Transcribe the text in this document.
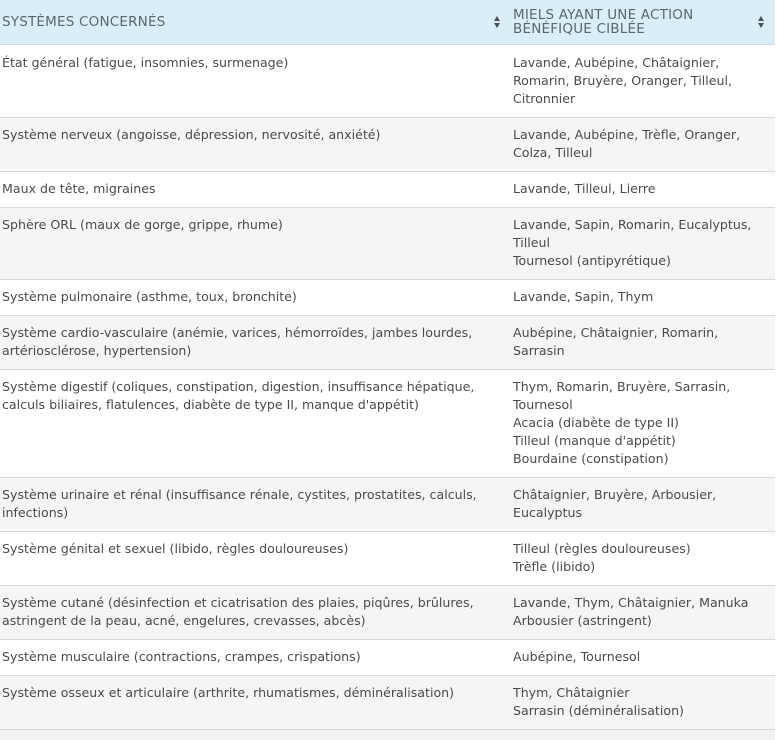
SYSTÈMES CONCERNÉS	MIELS AYANT UNE ACTION BÉNÉFIQUE CIBLÉE

État général (fatigue, insomnies, surmenage)	Lavande, Aubépine, Châtaignier, Romarin, Bruyère, Oranger, Tilleul, Citronnier
Système nerveux (angoisse, dépression, nervosité, anxiété)	Lavande, Aubépine, Trèfle, Oranger, Colza, Tilleul
Maux de tête, migraines	Lavande, Tilleul, Lierre
Sphère ORL (maux de gorge, grippe, rhume)	Lavande, Sapin, Romarin, Eucalyptus, Tilleul
Tournesol (antipyrétique)
Système pulmonaire (asthme, toux, bronchite)	Lavande, Sapin, Thym
Système cardio-vasculaire (anémie, varices, hémorroïdes, jambes lourdes, artériosclérose, hypertension)	Aubépine, Châtaignier, Romarin, Sarrasin
Système digestif (coliques, constipation, digestion, insuffisance hépatique, calculs biliaires, flatulences, diabète de type II, manque d'appétit)	Thym, Romarin, Bruyère, Sarrasin, Tournesol
Acacia (diabète de type II)
Tilleul (manque d'appétit)
Bourdaine (constipation)
Système urinaire et rénal (insuffisance rénale, cystites, prostatites, calculs, infections)	Châtaignier, Bruyère, Arbousier, Eucalyptus
Système génital et sexuel (libido, règles douloureuses)	Tilleul (règles douloureuses)
Trèfle (libido)
Système cutané (désinfection et cicatrisation des plaies, piqûres, brûlures, astringent de la peau, acné, engelures, crevasses, abcès)	Lavande, Thym, Châtaignier, Manuka
Arbousier (astringent)
Système musculaire (contractions, crampes, crispations)	Aubépine, Tournesol
Système osseux et articulaire (arthrite, rhumatismes, déminéralisation)	Thym, Châtaignier
Sarrasin (déminéralisation)
